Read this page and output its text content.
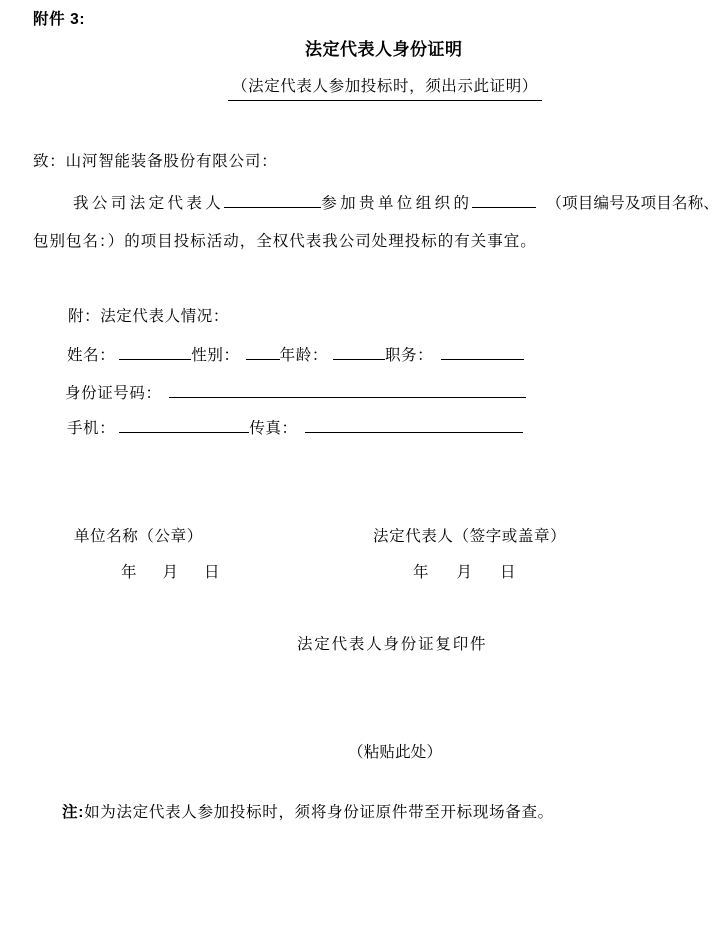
附件 3:
法定代表人身份证明
（法定代表人参加投标时，须出示此证明）
致：山河智能装备股份有限公司：
我公司法定代表人	参加贵单位组织的	（项目编号及项目名称、
包别包名：）的项目投标活动，全权代表我公司处理投标的有关事宜。
附：法定代表人情况：
姓名：	性别：	年龄：	职务：
身份证号码：
手机：	传真：
单位名称（公章）	法定代表人（签字或盖章）
年 月 日	年 月 日
法定代表人身份证复印件
（粘贴此处）
注:如为法定代表人参加投标时，须将身份证原件带至开标现场备查。
